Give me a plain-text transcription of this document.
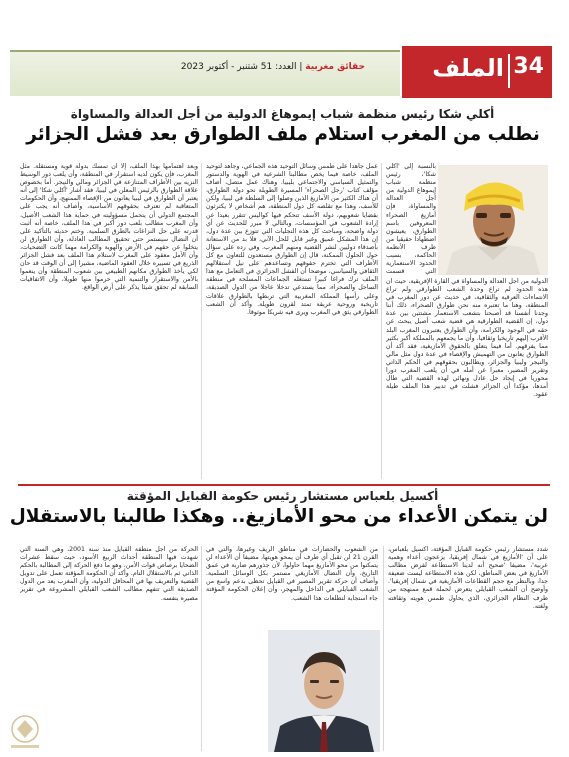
حقائق مغربية | العدد: 51 شتنبر - أكتوبر 2023	الملف 34
أكلي شكا رئيس منظمة شباب إيموهاغ الدولية من أجل العدالة والمساواة
نطلب من المغرب استلام ملف الطوارق بعد فشل الجزائر
بالنسبة إلى 'أكلي شكا'، رئيس منظمة شباب إيموهاغ الدولية من أجل العدالة والمساواة، فإن أمازيغ الصحراء المعروفين باسم الطوارق، يعيشون اضطهادا حقيقيا من طرف الأنظمة الحاكمة، بسبب الحدود الاستعمارية التي قسمت
الدولية من أجل العدالة والمساواة في القارة الإفريقية، حيث أن هذه الحدود لم تراع وحدة الشعب الطوارقي ولم تراع الانتماءات العرقية والثقافية، في حديث عن دور المغرب في المنطقة، وهنا ما تعتبره منه نحن طوارق الصحراء، ذلك أننا وجدنا أنفسنا قد أصبحنا بتشعب الاستعمار مشتتين بين عدة دول، إن القضية الطوارقية هي قضية شعب أصيل يبحث عن حقه في الوجود والكرامة، وأن الطوارق يعتبرون المغرب البلد الأقرب إليهم تاريخيا وثقافيا، وأن ما يجمعهم بالمملكة أكبر بكثير مما يفرقهم. أما فيما يتعلق بالحقوق الأمازيغية، فقد أكد أن الطوارق يعانون من التهميش والإقصاء في عدة دول مثل مالي والنيجر وليبيا والجزائر، ويطالبون بحقوقهم في الحكم الذاتي وتقرير المصير، معبرا عن أمله في أن يلعب المغرب دورا محوريا في إيجاد حل عادل ونهائي لهذه القضية التي طال أمدها، مؤكدا أن الجزائر فشلت في تدبير هذا الملف طيلة عقود.
عمل جاهدا على طمس وسائل التوحيد هذه الجماعي، وجاهد لتوحيد الملف، خاصة فيما يخص مطالبنا الشرعية في الهوية والدستور والتمثيل السياسي والاجتماعي بليبيا. وهناك عمل متصل، أضاف مؤلف كتاب 'رجل الصحراء' المسيرة الطويلة نحو دولة الطوارق، أن هناك الكثير من الأمازيغ الذين وصلوا إلى السلطة في ليبيا، ولكن للأسف، وهذا مع تقلصه كل دول المنطقة، هم أشخاص لا يكترثون بقضايا شعوبهم، دولة الأسف تتحكم فيها كواليس تتقرر بعيدا عن إرادة الشعوب في المؤسسات، وبالتالي لا مبرر للحديث عن أي دولة واضحة، ومباحث كل هذه التجليات التي تتوزع بين عدة دول، إن هذا المشكل عميق وغير قابل للحل الآني، فلا بد من الاستعانة بأصدقاء دوليين لنشر القضية ومنهم المغرب. وفي رده على سؤال حول الحلول الممكنة، قال إن الطوارق مستعدون للتعاون مع كل الأطراف التي تحترم حقوقهم وتساعدهم على نيل استقلالهم الثقافي والسياسي، موضحا أن الفشل الجزائري في التعامل مع هذا الملف ترك فراغا كبيرا تستغله الجماعات المسلحة في منطقة الساحل والصحراء، مما يستدعي تدخلا عاجلا من الدول الصديقة، وعلى رأسها المملكة المغربية التي تربطها بالطوارق علاقات تاريخية وروحية عريقة تمتد لقرون طويلة. وأكد أن الشعب الطوارقي يثق في المغرب ويرى فيه شريكا موثوقا.
وبعد اهتمامها بهذا الملف، إلا أن تمسك بدولة قوية ومستقلة. مثل المغرب، فإن يكون لديه استقرار في المنطقة، وأن يلعب دور الوسيط النزيه بين الأطراف المتنازعة في الجزائر ومالي والنيجر. أما بخصوص علاقة الطوارق بالرئيس المعلن في ليبيا، فقد أشار 'أكلي شكا' إلى أنه يعتبر أن الطوارق في ليبيا يعانون من الإقصاء الممنهج، وأن الحكومات المتعاقبة لم تعترف بحقوقهم الأساسية، وأضاف أنه يجب على المجتمع الدولي أن يتحمل مسؤوليته في حماية هذا الشعب الأصيل، وأن المغرب مطالب بلعب دور أكبر في هذا الملف، خاصة أنه أثبت قدرته على حل النزاعات بالطرق السلمية. وختم حديثه بالتأكيد على أن النضال سيستمر حتى تحقيق المطالب العادلة، وأن الطوارق لن يتخلوا عن حقهم في الأرض والهوية والكرامة مهما كانت التضحيات، وأن الأمل معقود على المغرب لاستلام هذا الملف بعد فشل الجزائر الذريع في تسييره خلال العقود الماضية، مشيرا إلى أن الوقت قد حان لكي يأخذ الطوارق مكانهم الطبيعي بين شعوب المنطقة وأن ينعموا بالأمن والاستقرار والتنمية التي حرموا منها طويلا، وأن الاتفاقيات السابقة لم تحقق شيئا يذكر على أرض الواقع.
أكسيل بلعباس مستشار رئيس حكومة القبايل المؤقتة
لن يتمكن الأعداء من محو الأمازيغ.. وهكذا طالبنا بالاستقلال
شدد مستشار رئيس حكومة القبايل المؤقتة، أكسيل بلعباس، على أن 'الأمازيغ في شمال إفريقيا، يزعجون أعداء وهمية عربية'، مضيفا 'صحيح أنه لدينا الاستطاعة لفرض مطالب الأمازيغ في بعض المناطق، لكن هذه الاستطاعة ليست ضعيفة جدا، وبالنظر مع حجم القطاعات الأمازيغية في شمال إفريقيا'. وأوضح أن الشعب القبايلي يتعرض لحملة قمع ممنهجة من طرف النظام الجزائري، الذي يحاول طمس هويته وثقافته ولغته.
من الشعوب والحضارات في مناطق الريف وغيرها، والتي في القرن 21 لن تقبل أي طرف أن يمحو هويتها، مضيفا أن الأعداء لن يتمكنوا من محو الأمازيغ مهما حاولوا، لأن جذورهم ضاربة في عمق التاريخ، وأن النضال الأمازيغي مستمر بكل الوسائل السلمية. وأضاف أن حركة تقرير المصير في القبايل تحظى بدعم واسع من الشعب القبايلي في الداخل والمهجر، وأن إعلان الحكومة المؤقتة جاء استجابة لتطلعات هذا الشعب.
الحركة من أجل منطقة القبايل منذ سنة 2001، وهي السنة التي شهدت فيها المنطقة أحداث الربيع الأسود، حيث سقط عشرات الضحايا برصاص قوات الأمن، وهو ما دفع الحركة إلى المطالبة بالحكم الذاتي ثم بالاستقلال التام. وأكد أن الحكومة المؤقتة تعمل على تدويل القضية والتعريف بها في المحافل الدولية، وأن المغرب يعد من الدول الصديقة التي تتفهم مطالب الشعب القبايلي المشروعة في تقرير مصيره بنفسه.
